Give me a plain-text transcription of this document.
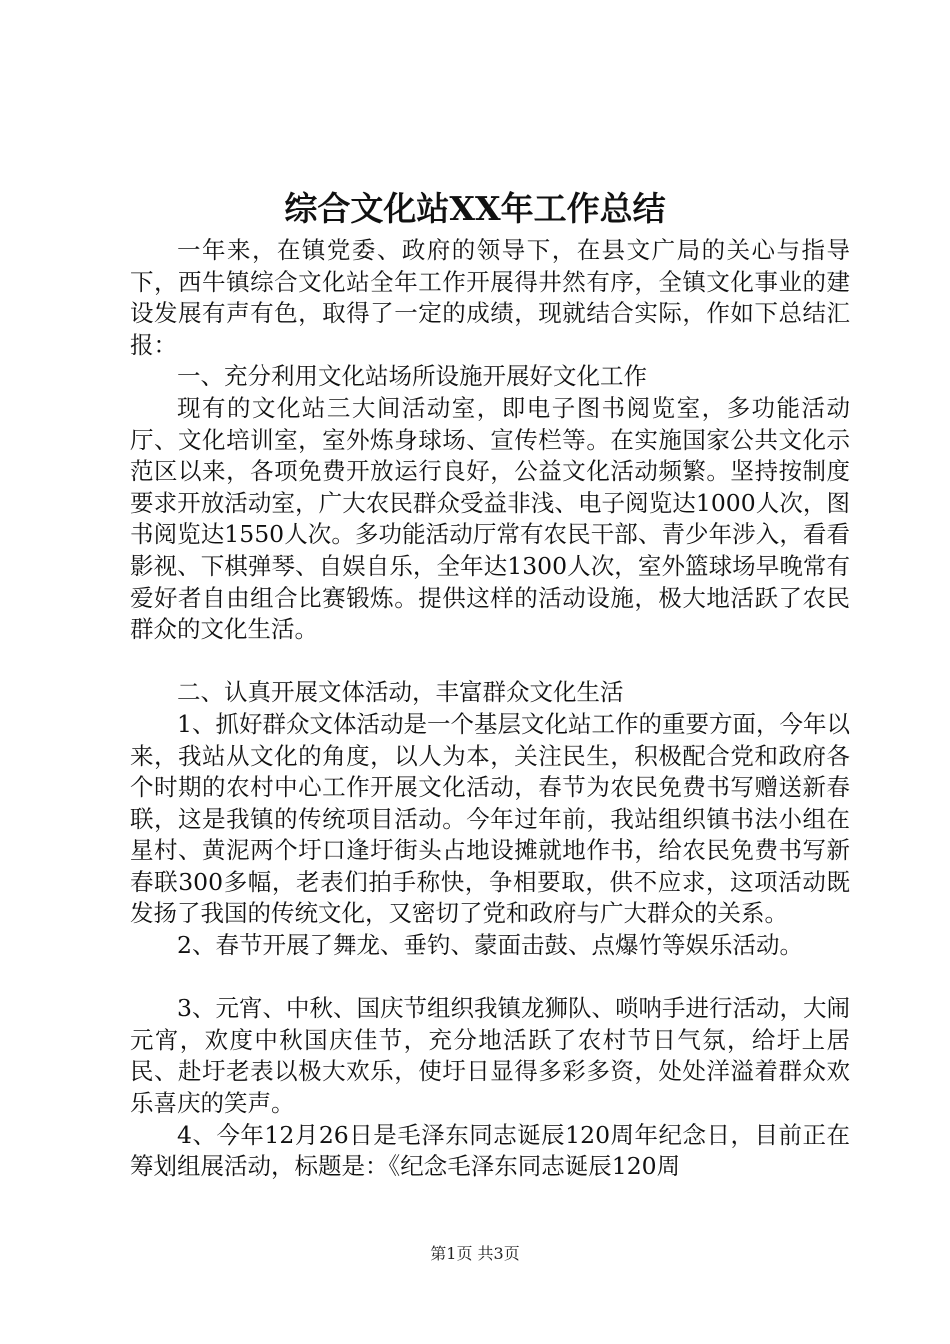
综合文化站XX年工作总结

一年来，在镇党委、政府的领导下，在县文广局的关心与指导下，西牛镇综合文化站全年工作开展得井然有序，全镇文化事业的建设发展有声有色，取得了一定的成绩，现就结合实际，作如下总结汇报：

一、充分利用文化站场所设施开展好文化工作

现有的文化站三大间活动室，即电子图书阅览室，多功能活动厅、文化培训室，室外炼身球场、宣传栏等。在实施国家公共文化示范区以来，各项免费开放运行良好，公益文化活动频繁。坚持按制度要求开放活动室，广大农民群众受益非浅、电子阅览达1000人次，图书阅览达1550人次。多功能活动厅常有农民干部、青少年涉入，看看影视、下棋弹琴、自娱自乐，全年达1300人次，室外篮球场早晚常有爱好者自由组合比赛锻炼。提供这样的活动设施，极大地活跃了农民群众的文化生活。

二、认真开展文体活动，丰富群众文化生活

1、抓好群众文体活动是一个基层文化站工作的重要方面，今年以来，我站从文化的角度，以人为本，关注民生，积极配合党和政府各个时期的农村中心工作开展文化活动，春节为农民免费书写赠送新春联，这是我镇的传统项目活动。今年过年前，我站组织镇书法小组在星村、黄泥两个圩口逢圩街头占地设摊就地作书，给农民免费书写新春联300多幅，老表们拍手称快，争相要取，供不应求，这项活动既发扬了我国的传统文化，又密切了党和政府与广大群众的关系。

2、春节开展了舞龙、垂钓、蒙面击鼓、点爆竹等娱乐活动。

3、元宵、中秋、国庆节组织我镇龙狮队、唢呐手进行活动，大闹元宵，欢度中秋国庆佳节，充分地活跃了农村节日气氛，给圩上居民、赴圩老表以极大欢乐，使圩日显得多彩多资，处处洋溢着群众欢乐喜庆的笑声。

4、今年12月26日是毛泽东同志诞辰120周年纪念日，目前正在筹划组展活动，标题是：《纪念毛泽东同志诞辰120周

第1页 共3页
